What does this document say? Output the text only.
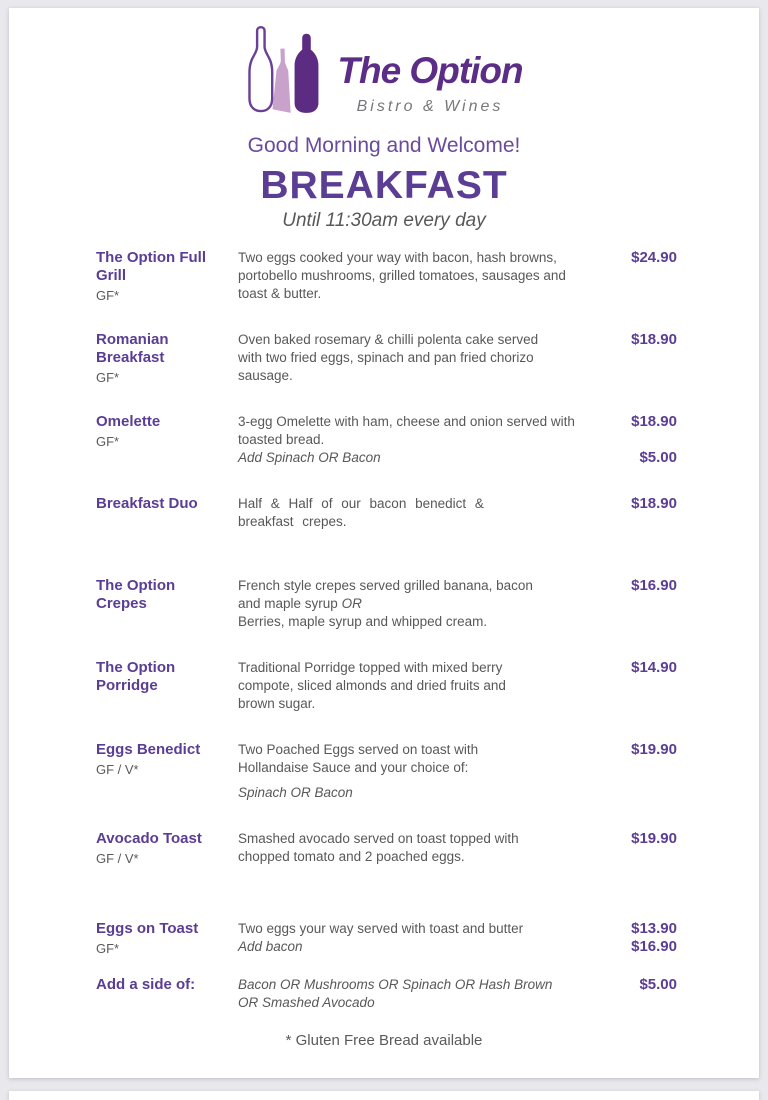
The Option
Bistro & Wines
Good Morning and Welcome!
BREAKFAST
Until 11:30am every day
The Option Full Grill
GF*
Two eggs cooked your way with bacon, hash browns,
portobello mushrooms, grilled tomatoes, sausages and
toast & butter.
$24.90
Romanian Breakfast
GF*
Oven baked rosemary & chilli polenta cake served
with two fried eggs, spinach and pan fried chorizo
sausage.
$18.90
Omelette
GF*
3-egg Omelette with ham, cheese and onion served with
toasted bread.
Add Spinach OR Bacon
$18.90
$5.00
Breakfast Duo	Half & Half of our bacon benedict &
breakfast crepes.
$18.90
The Option Crepes
French style crepes served grilled banana, bacon
and maple syrup OR
Berries, maple syrup and whipped cream.
$16.90
The Option Porridge
Traditional Porridge topped with mixed berry
compote, sliced almonds and dried fruits and
brown sugar.
$14.90
Eggs Benedict
GF / V*
Two Poached Eggs served on toast with
Hollandaise Sauce and your choice of:
Spinach OR Bacon
$19.90
Avocado Toast
GF / V*
Smashed avocado served on toast topped with
chopped tomato and 2 poached eggs.
$19.90
Eggs on Toast
GF*
Two eggs your way served with toast and butter
Add bacon
$13.90
$16.90
Add a side of:	Bacon OR Mushrooms OR Spinach OR Hash Brown
OR Smashed Avocado
$5.00
* Gluten Free Bread available
